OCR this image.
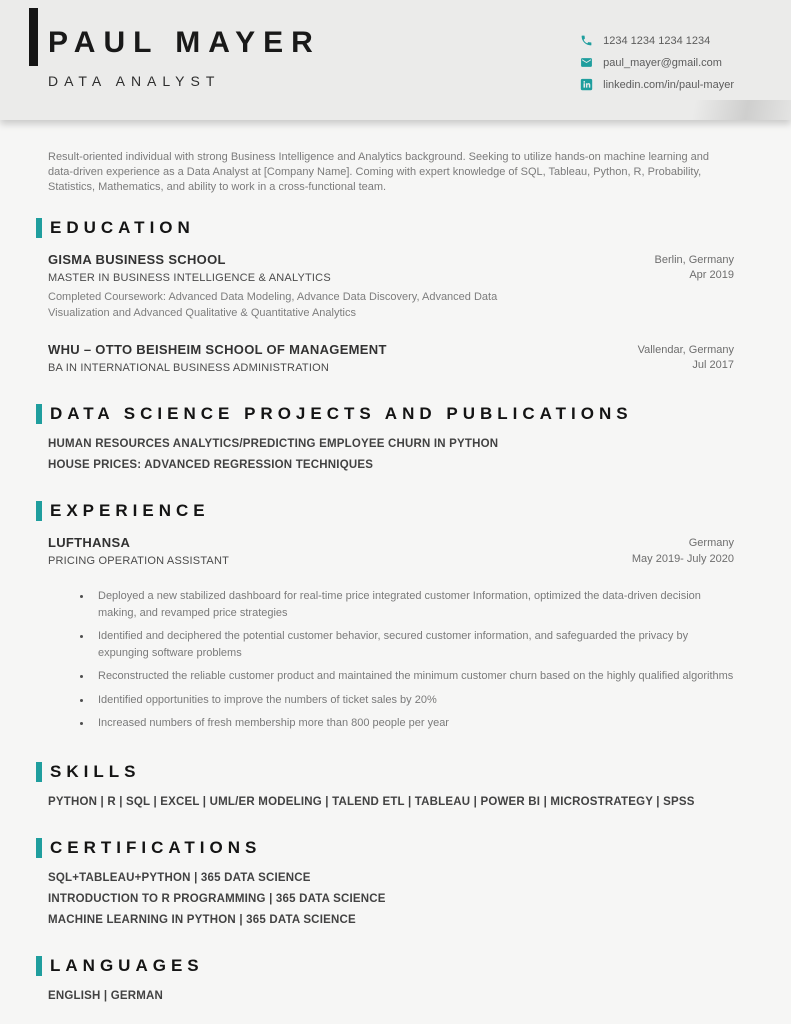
PAUL MAYER
DATA ANALYST
1234 1234 1234 1234
paul_mayer@gmail.com
linkedin.com/in/paul-mayer

Result-oriented individual with strong Business Intelligence and Analytics background. Seeking to utilize hands-on machine learning and data-driven experience as a Data Analyst at [Company Name]. Coming with expert knowledge of SQL, Tableau, Python, R, Probability, Statistics, Mathematics, and ability to work in a cross-functional team.

EDUCATION
GISMA BUSINESS SCHOOL
MASTER IN BUSINESS INTELLIGENCE & ANALYTICS
Completed Coursework: Advanced Data Modeling, Advance Data Discovery, Advanced Data Visualization and Advanced Qualitative & Quantitative Analytics
Berlin, Germany
Apr 2019
WHU – OTTO BEISHEIM SCHOOL OF MANAGEMENT
BA IN INTERNATIONAL BUSINESS ADMINISTRATION
Vallendar, Germany
Jul 2017
DATA SCIENCE PROJECTS AND PUBLICATIONS
HUMAN RESOURCES ANALYTICS/PREDICTING EMPLOYEE CHURN IN PYTHON
HOUSE PRICES: ADVANCED REGRESSION TECHNIQUES
EXPERIENCE
LUFTHANSA
PRICING OPERATION ASSISTANT
Germany
May 2019- July 2020
• Deployed a new stabilized dashboard for real-time price integrated customer Information, optimized the data-driven decision making, and revamped price strategies
• Identified and deciphered the potential customer behavior, secured customer information, and safeguarded the privacy by expunging software problems
• Reconstructed the reliable customer product and maintained the minimum customer churn based on the highly qualified algorithms
• Identified opportunities to improve the numbers of ticket sales by 20%
• Increased numbers of fresh membership more than 800 people per year
SKILLS
PYTHON | R | SQL | EXCEL | UML/ER MODELING | TALEND ETL | TABLEAU | POWER BI | MICROSTRATEGY | SPSS
CERTIFICATIONS
SQL+TABLEAU+PYTHON | 365 DATA SCIENCE
INTRODUCTION TO R PROGRAMMING | 365 DATA SCIENCE
MACHINE LEARNING IN PYTHON | 365 DATA SCIENCE
LANGUAGES
ENGLISH | GERMAN
